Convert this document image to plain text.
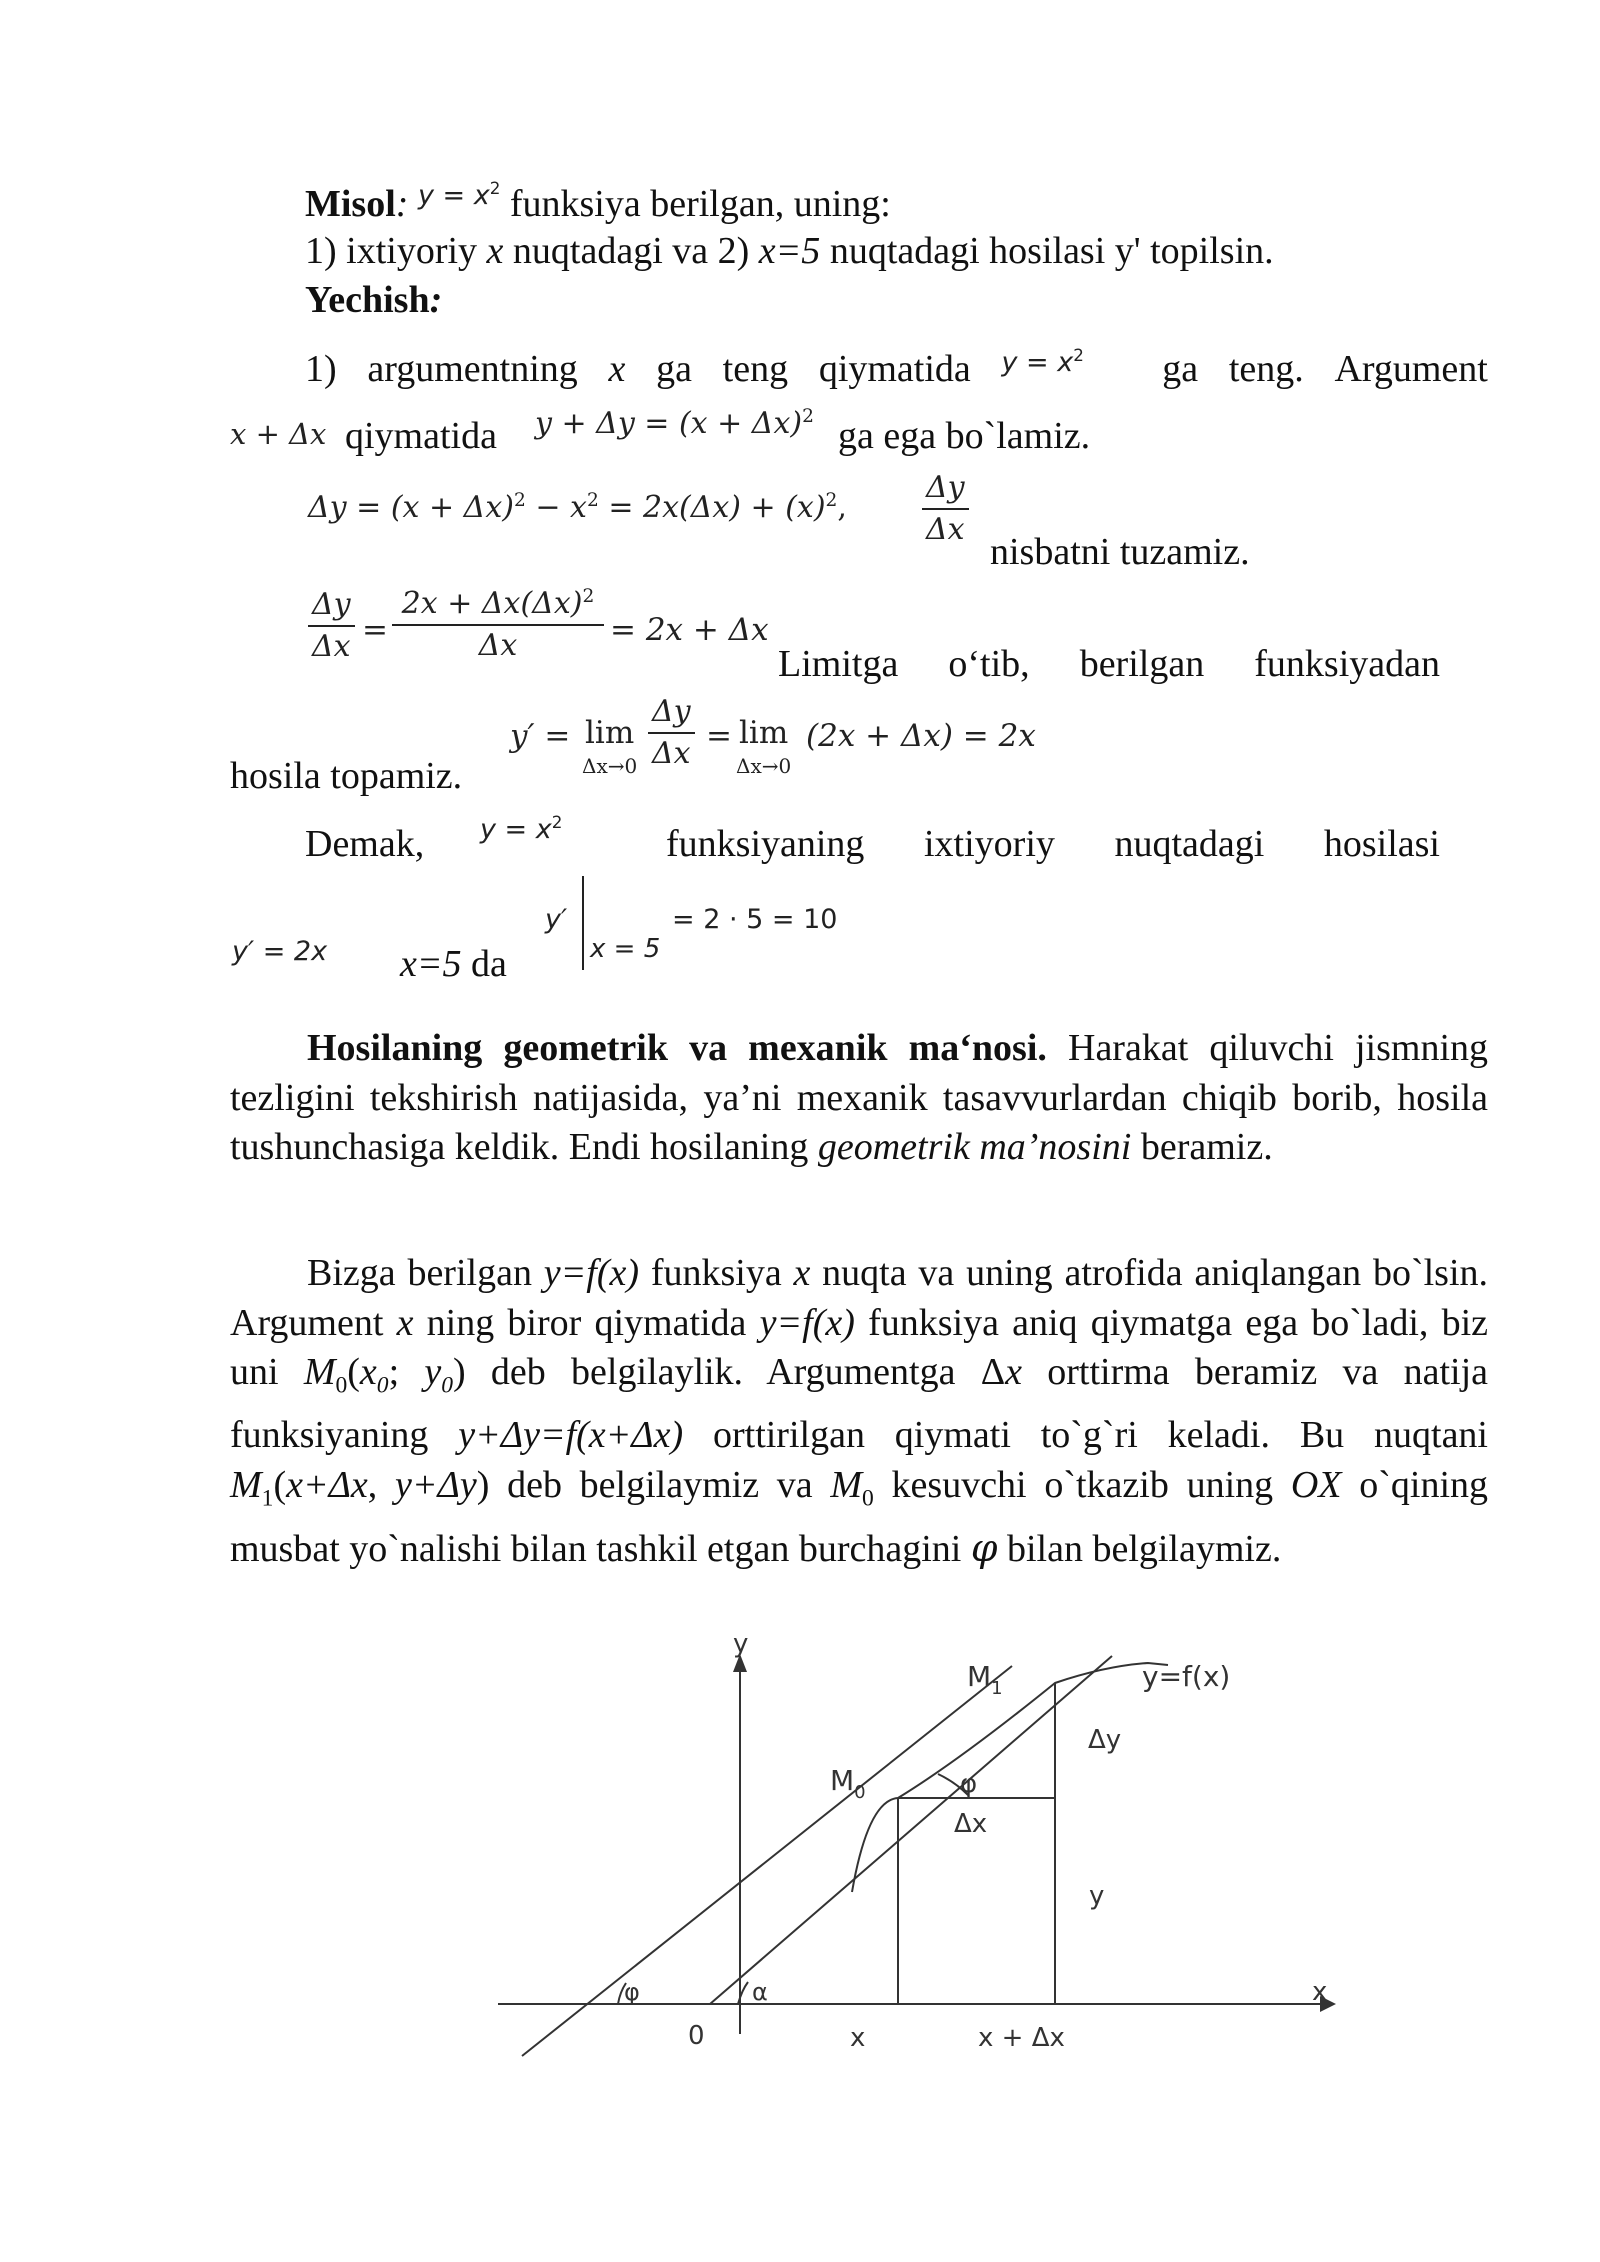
Misol: $^{y = x^2}$ funksiya berilgan, uning:
1) ixtiyoriy x nuqtadagi va 2) x=5 nuqtadagi hosilasi y' topilsin.
Yechish:
1) argumentning x ga teng qiymatida $y = x^2$	ga teng. Argument
x + Δx qiymatida $y + \Delta y = (x + \Delta x)^2$ ga ega bo`lamiz.
$\Delta y = (x + \Delta x)^2 - x^2 = 2x(\Delta x) + (x)^2$,	$\frac{\Delta y}{\Delta x}$
nisbatni tuzamiz.
$\frac{\Delta y}{\Delta x} = \frac{2x + \Delta x(\Delta x)^2}{\Delta x} = 2x + \Delta x$
Limitga o‘tib, berilgan funksiyadan
hosila topamiz.
y′ = lim
$\Delta x\to 0 \frac{\Delta y}{\Delta x} = \lim$
Δx→0
(2x + Δx) = 2x
Demak, $y = x^2$
funksiyaning ixtiyoriy nuqtadagi hosilasi
y′ = 2x x=5 da
y′
x = 5
= 2 · 5 = 10

Hosilaning geometrik va mexanik ma‘nosi. Harakat qiluvchi jismning tezligini tekshirish natijasida, ya’ni mexanik tasavvurlardan chiqib borib, hosila tushunchasiga keldik. Endi hosilaning geometrik ma’nosini beramiz.

Bizga berilgan y=f(x) funksiya x nuqta va uning atrofida aniqlangan bo`lsin. Argument x ning biror qiymatida y=f(x) funksiya aniq qiymatga ega bo`ladi, biz uni $M_0(x_0$; $y_0$) deb belgilaylik. Argumentga Δx orttirma beramiz va natija funksiyaning y+Δy=f(x+Δx) orttirilgan qiymati to`g`ri keladi. Bu nuqtani $M_1(x+\Delta x$, y+Δy) deb belgilaymiz va $M_0$ kesuvchi o`tkazib uning OX o`qining musbat yo`nalishi bilan tashkil etgan burchagini φ bilan belgilaymiz.

y
x
y=f(x)
$M_1$
$M_0$	φ
Δx
Δy
y
φ	α
0	x	x + Δx
